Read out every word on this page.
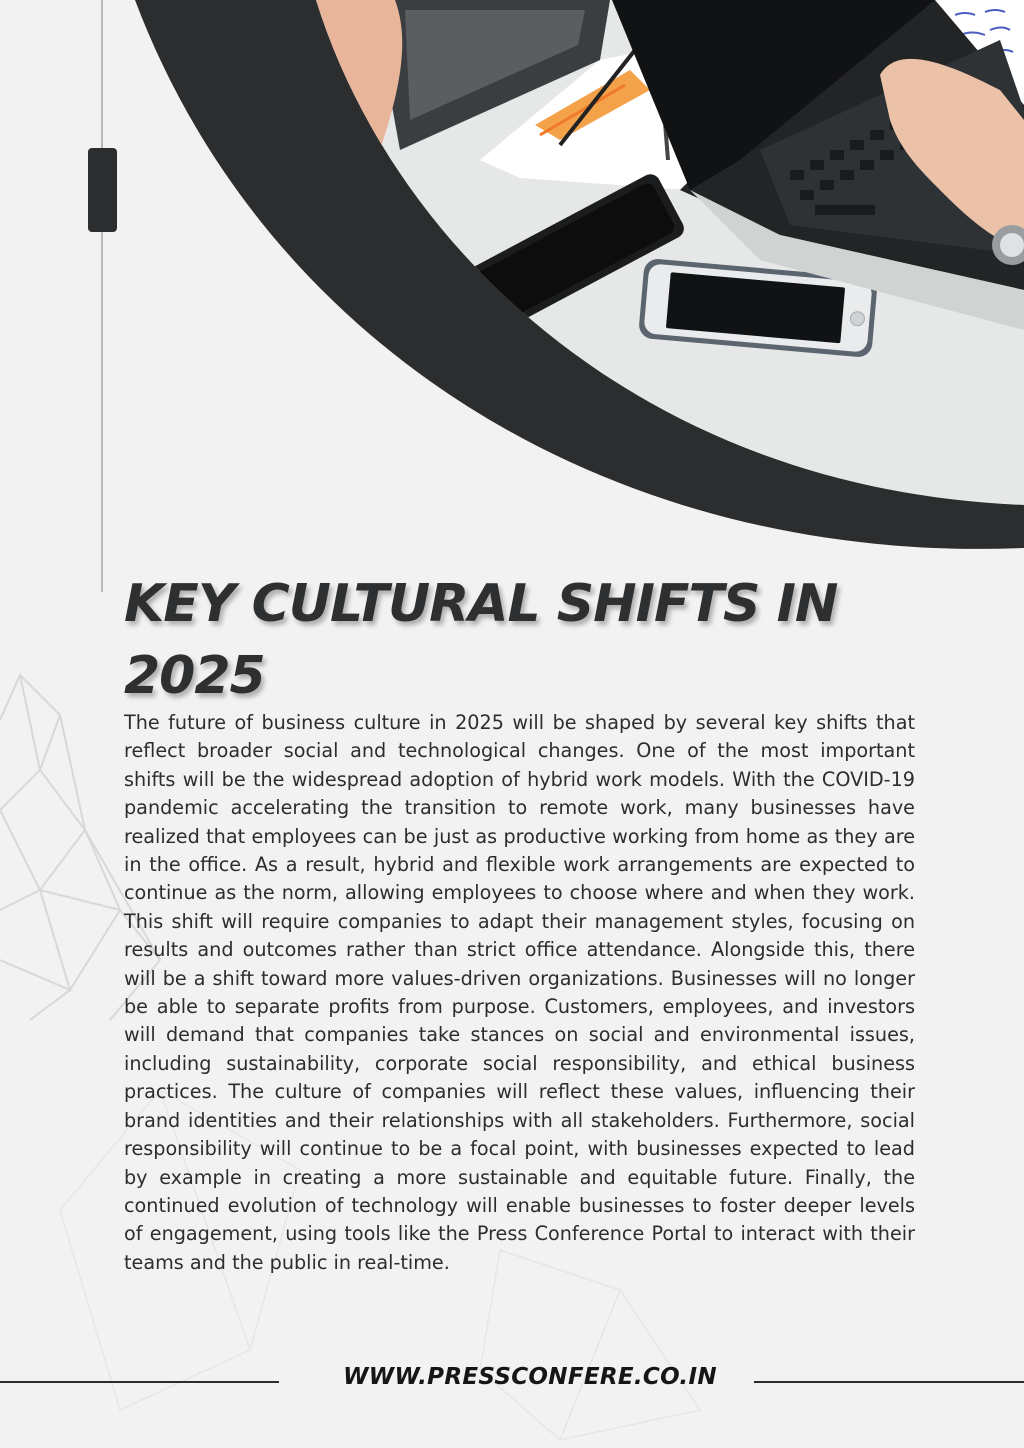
KEY CULTURAL SHIFTS IN 2025

The future of business culture in 2025 will be shaped by several key shifts that reflect broader social and technological changes. One of the most important shifts will be the widespread adoption of hybrid work models. With the COVID-19 pandemic accelerating the transition to remote work, many businesses have realized that employees can be just as productive working from home as they are in the office. As a result, hybrid and flexible work arrangements are expected to continue as the norm, allowing employees to choose where and when they work. This shift will require companies to adapt their management styles, focusing on results and outcomes rather than strict office attendance. Alongside this, there will be a shift toward more values-driven organizations. Businesses will no longer be able to separate profits from purpose. Customers, employees, and investors will demand that companies take stances on social and environmental issues, including sustainability, corporate social responsibility, and ethical business practices. The culture of companies will reflect these values, influencing their brand identities and their relationships with all stakeholders. Furthermore, social responsibility will continue to be a focal point, with businesses expected to lead by example in creating a more sustainable and equitable future. Finally, the continued evolution of technology will enable businesses to foster deeper levels of engagement, using tools like the Press Conference Portal to interact with their teams and the public in real-time.

WWW.PRESSCONFERE.CO.IN
